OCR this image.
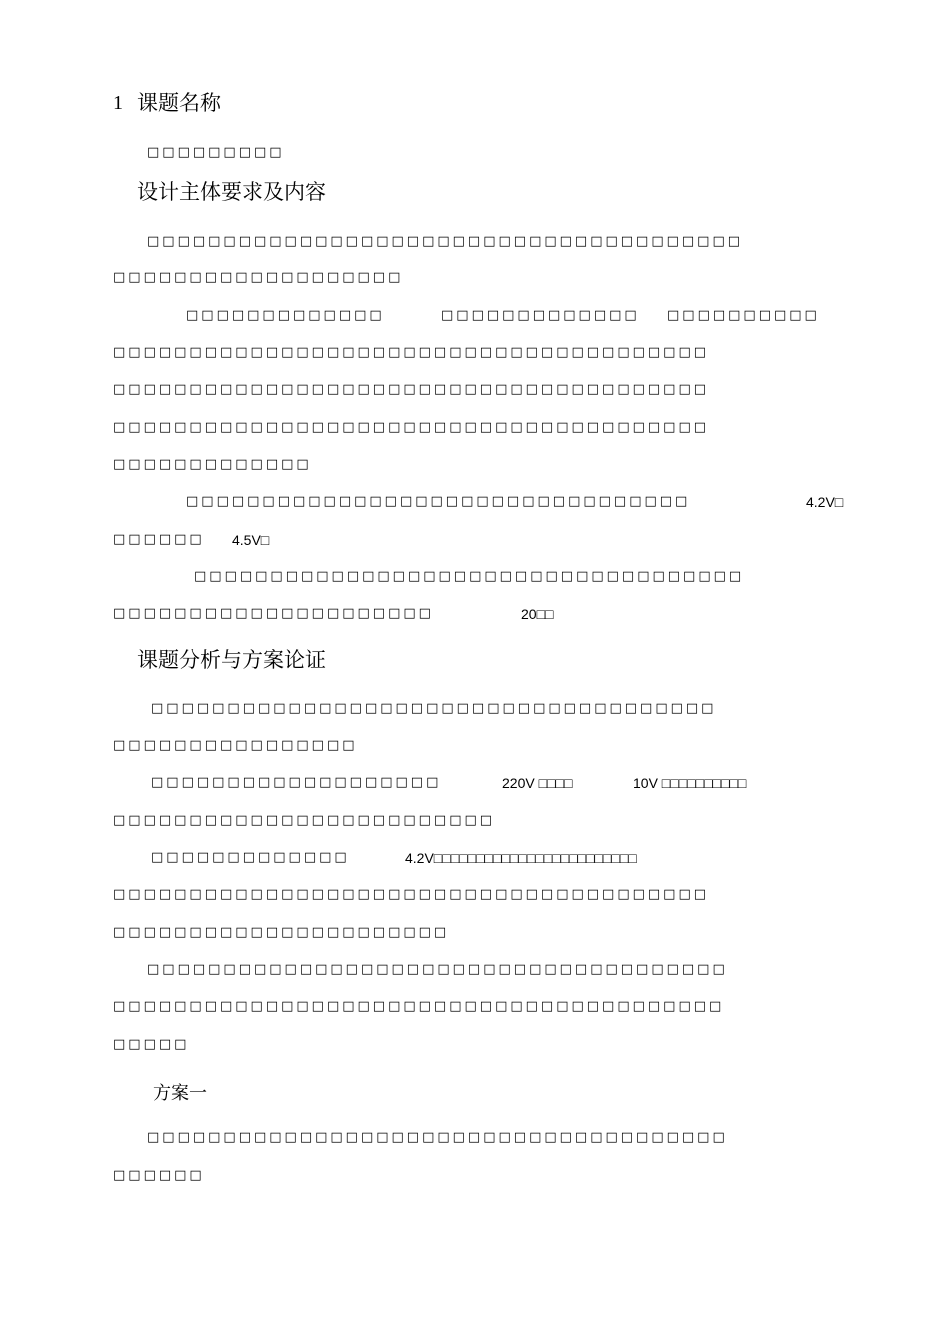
1 课题名称
□□□□□□□□□
设计主体要求及内容
□□□□□□□□□□□□□□□□□□□□□□□□□□□□□□□□□□□□□□□
□□□□□□□□□□□□□□□□□□□
□□□□□□□□□□□□□	□□□□□□□□□□□□□ □□□□□□□□□□
□□□□□□□□□□□□□□□□□□□□□□□□□□□□□□□□□□□□□□□
□□□□□□□□□□□□□□□□□□□□□□□□□□□□□□□□□□□□□□□
□□□□□□□□□□□□□□□□□□□□□□□□□□□□□□□□□□□□□□□
□□□□□□□□□□□□□
□□□□□□□□□□□□□□□□□□□□□□□□□□□□□□□□□	4.2V□
□□□□□□ 4.5V□
□□□□□□□□□□□□□□□□□□□□□□□□□□□□□□□□□□□□
□□□□□□□□□□□□□□□□□□□□□	20□□
课题分析与方案论证
□□□□□□□□□□□□□□□□□□□□□□□□□□□□□□□□□□□□□
□□□□□□□□□□□□□□□□
□□□□□□□□□□□□□□□□□□□	220V □□□□	10V □□□□□□□□□□
□□□□□□□□□□□□□□□□□□□□□□□□□
□□□□□□□□□□□□□	4.2V□□□□□□□□□□□□□□□□□□□□□□□□
□□□□□□□□□□□□□□□□□□□□□□□□□□□□□□□□□□□□□□□
□□□□□□□□□□□□□□□□□□□□□□
□□□□□□□□□□□□□□□□□□□□□□□□□□□□□□□□□□□□□□
□□□□□□□□□□□□□□□□□□□□□□□□□□□□□□□□□□□□□□□□
□□□□□
方案一
□□□□□□□□□□□□□□□□□□□□□□□□□□□□□□□□□□□□□□
□□□□□□
